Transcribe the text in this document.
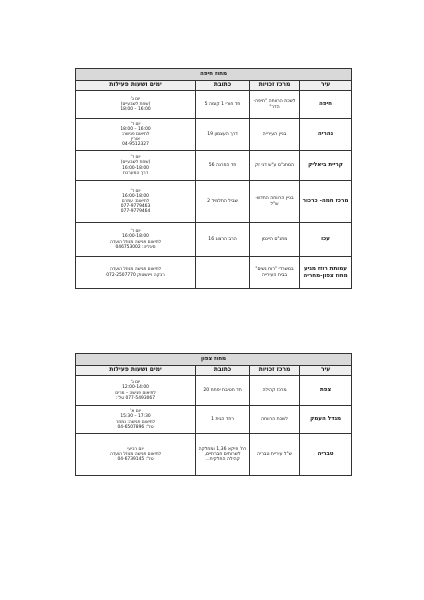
מחוז חיפה			
עיר	מרכז זכויות	כתובת	ימים ושעות פעילות
חיפה	לשכת הרווחה "חיפה- הדר"	חד חורי 1 קומה 5	יום ג'
(שחת לשבעיים)
16:00 – 18:00
נהריה	בניין העירייה	דרך העצמון 19	יום ד'
16:00 – 18:00
לתיאום פגישה:
אורין
04-9512327
קריית ביאליק	המתנ"ס ע"ש דני זק	חד הפרגה 56	יום ד'
(שחת לשבעיים)
16:00-18:00
דרך המערכת
מרכז חמה- כרכור	בניין הרווחה החדש- ש"ל	שביל התלמיד 2	יום ד'
16:00-18:00
לתיאום: עמרם
077-9779463
077-9779464
עכו	מתנ"ס היינמן	הרב הרצוג 16	יום ד'
16:00-18:00
לתיאום פגישה מנוזל הועדה
סיגליה: 046753002
עמותת רוזז מגיע מחוז צפון-מחריה	במשרדי "רוח נשים" בבית העירייה		לתיאום פגישה מנוזל הועדה
רבקה ויינשטוק 072-2507770
מחוז צפון			
עיר	מרכז זכויות	כתובת	ימים ושעות פעילות
צפת	מרכז קהילה	חד חטיבת יפתח 20	יום ג'
12:00-14:00
לתיאום פגישה – מרים
077-5493067 טל':
מגדל העמק	לשכת הרווחה	רחד הגית 1	יום א'
17:30 – 15:30
לתיאום פגישה: נמחר
טל': 04-6507896
טבריה	ש"ל עיריית טבריה	רח' פיקא 1,36 ומחלקה לשרותים חברתיים, קהילה החלקית...	יום רביעי
לתיאום פגישה מנוזל הועדה
טל': 04-6739145
